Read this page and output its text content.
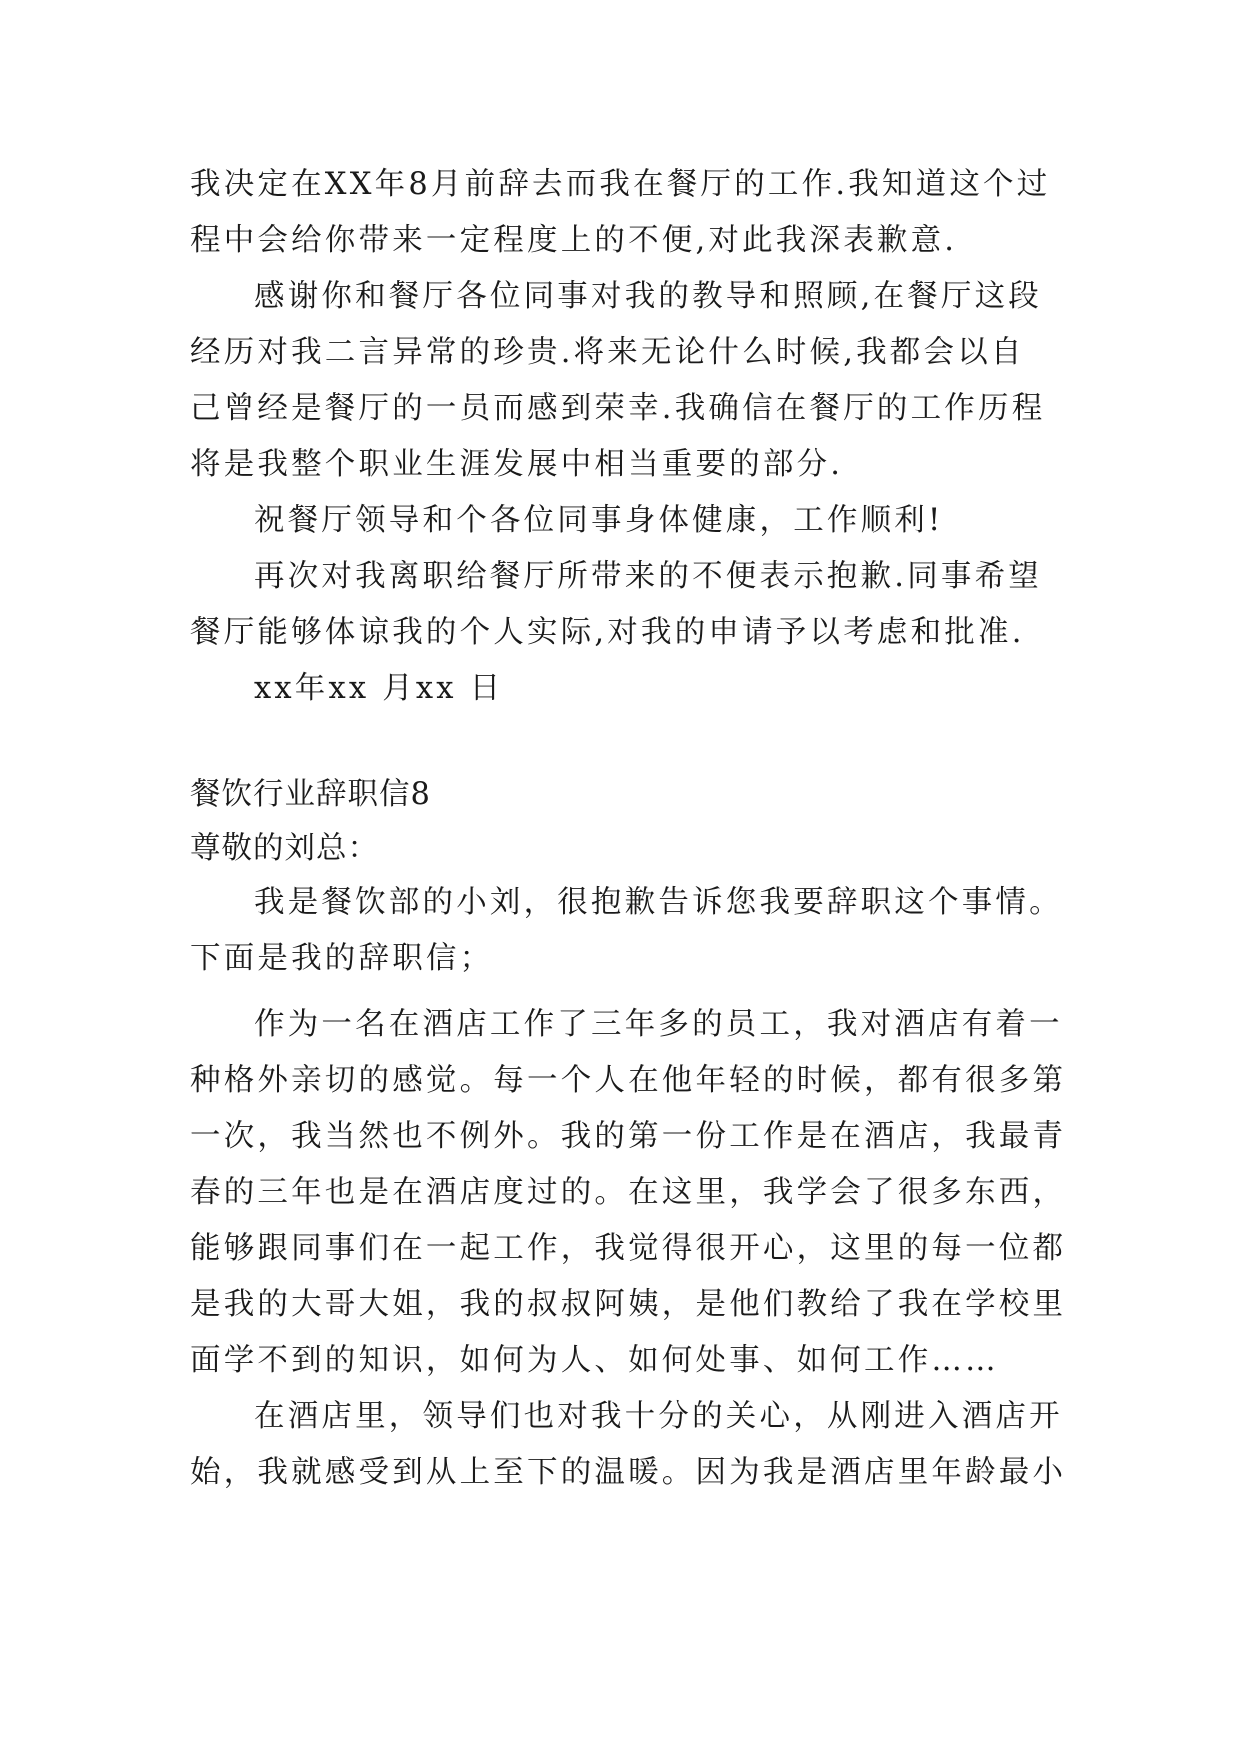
我决定在XX年8月前辞去而我在餐厅的工作.我知道这个过
程中会给你带来一定程度上的不便,对此我深表歉意.
感谢你和餐厅各位同事对我的教导和照顾,在餐厅这段
经历对我二言异常的珍贵.将来无论什么时候,我都会以自
己曾经是餐厅的一员而感到荣幸.我确信在餐厅的工作历程
将是我整个职业生涯发展中相当重要的部分.
祝餐厅领导和个各位同事身体健康，工作顺利!
再次对我离职给餐厅所带来的不便表示抱歉.同事希望
餐厅能够体谅我的个人实际,对我的申请予以考虑和批准.
xx年xx 月xx 日
餐饮行业辞职信8
尊敬的刘总：
我是餐饮部的小刘，很抱歉告诉您我要辞职这个事情。
下面是我的辞职信；
作为一名在酒店工作了三年多的员工，我对酒店有着一
种格外亲切的感觉。每一个人在他年轻的时候，都有很多第
一次，我当然也不例外。我的第一份工作是在酒店，我最青
春的三年也是在酒店度过的。在这里，我学会了很多东西，
能够跟同事们在一起工作，我觉得很开心，这里的每一位都
是我的大哥大姐，我的叔叔阿姨，是他们教给了我在学校里
面学不到的知识，如何为人、如何处事、如何工作……
在酒店里，领导们也对我十分的关心，从刚进入酒店开
始，我就感受到从上至下的温暖。因为我是酒店里年龄最小
